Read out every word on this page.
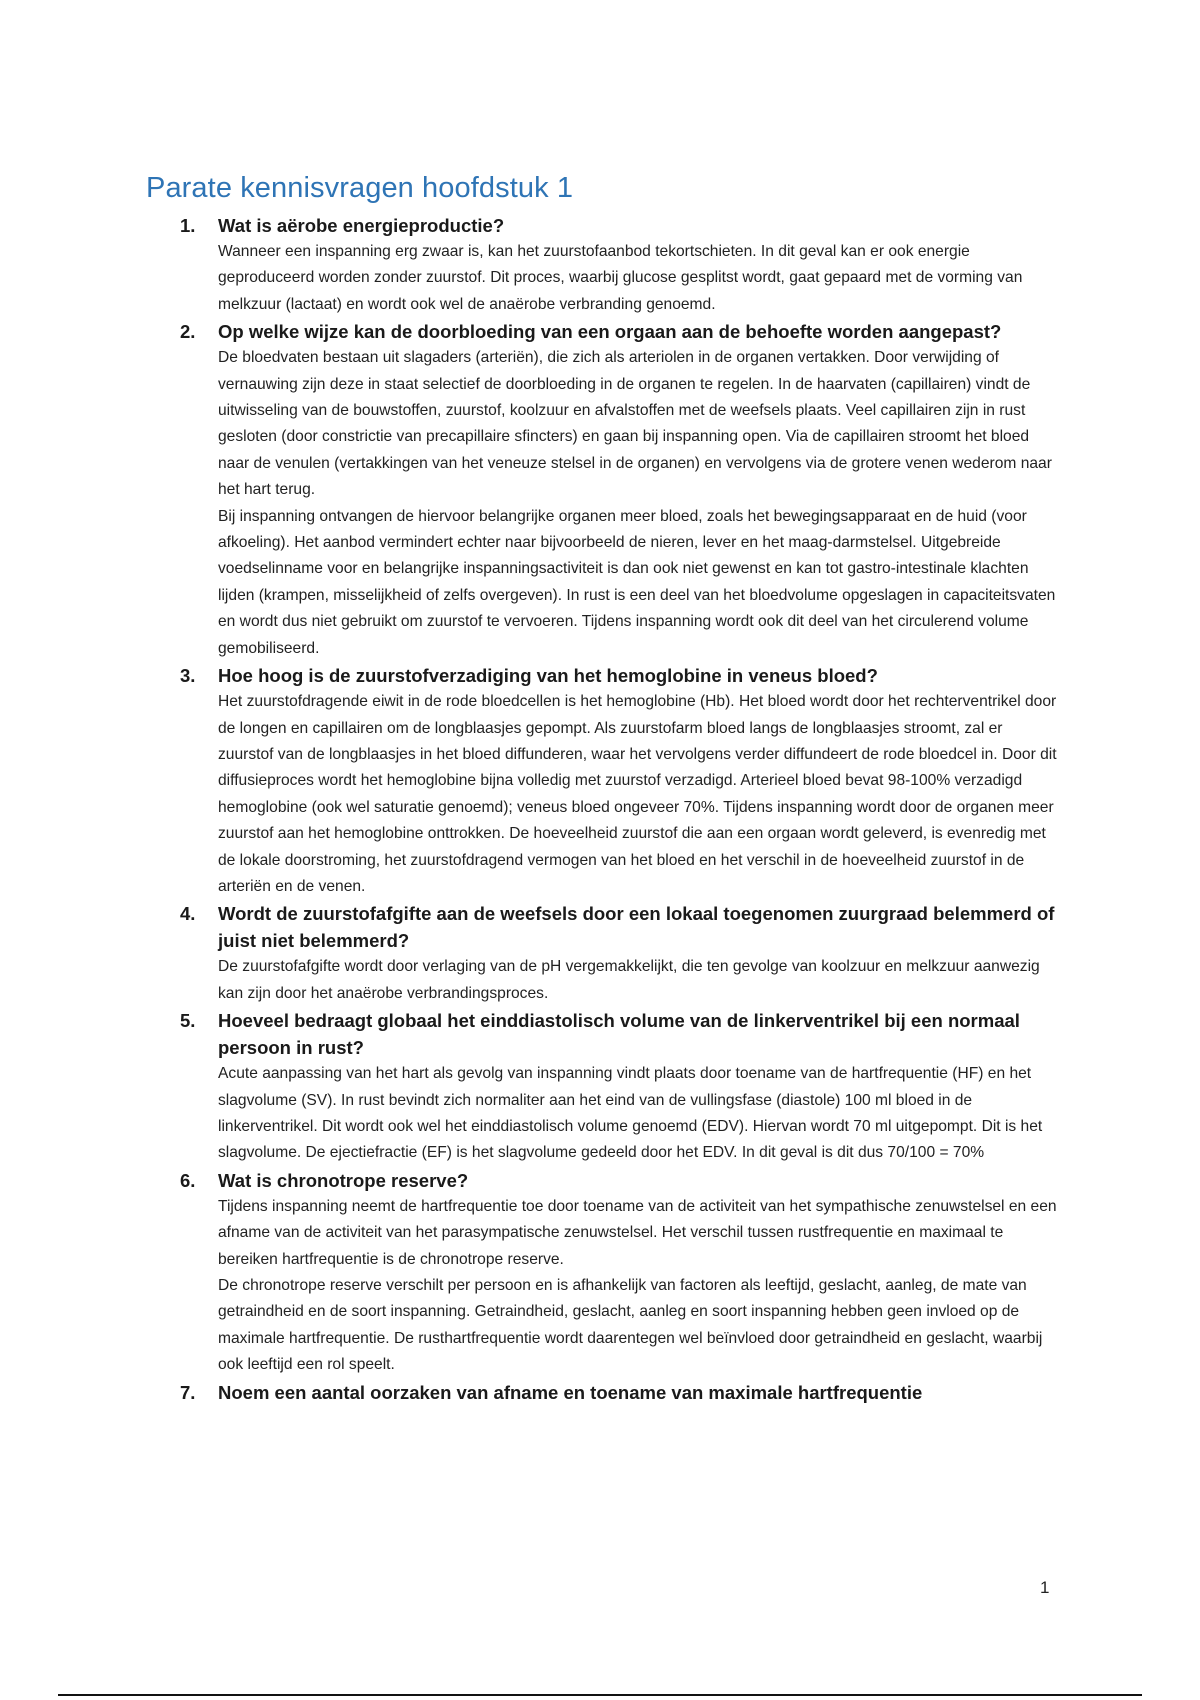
Parate kennisvragen hoofdstuk 1
1. Wat is aërobe energieproductie?

Wanneer een inspanning erg zwaar is, kan het zuurstofaanbod tekortschieten. In dit geval kan er ook energie geproduceerd worden zonder zuurstof. Dit proces, waarbij glucose gesplitst wordt, gaat gepaard met de vorming van melkzuur (lactaat) en wordt ook wel de anaërobe verbranding genoemd.

2. Op welke wijze kan de doorbloeding van een orgaan aan de behoefte worden aangepast?

De bloedvaten bestaan uit slagaders (arteriën), die zich als arteriolen in de organen vertakken. Door verwijding of vernauwing zijn deze in staat selectief de doorbloeding in de organen te regelen. In de haarvaten (capillairen) vindt de uitwisseling van de bouwstoffen, zuurstof, koolzuur en afvalstoffen met de weefsels plaats. Veel capillairen zijn in rust gesloten (door constrictie van precapillaire sfincters) en gaan bij inspanning open. Via de capillairen stroomt het bloed naar de venulen (vertakkingen van het veneuze stelsel in de organen) en vervolgens via de grotere venen wederom naar het hart terug.

Bij inspanning ontvangen de hiervoor belangrijke organen meer bloed, zoals het bewegingsapparaat en de huid (voor afkoeling). Het aanbod vermindert echter naar bijvoorbeeld de nieren, lever en het maag-darmstelsel. Uitgebreide voedselinname voor en belangrijke inspanningsactiviteit is dan ook niet gewenst en kan tot gastro-intestinale klachten lijden (krampen, misselijkheid of zelfs overgeven). In rust is een deel van het bloedvolume opgeslagen in capaciteitsvaten en wordt dus niet gebruikt om zuurstof te vervoeren. Tijdens inspanning wordt ook dit deel van het circulerend volume gemobiliseerd.

3. Hoe hoog is de zuurstofverzadiging van het hemoglobine in veneus bloed?

Het zuurstofdragende eiwit in de rode bloedcellen is het hemoglobine (Hb). Het bloed wordt door het rechterventrikel door de longen en capillairen om de longblaasjes gepompt. Als zuurstofarm bloed langs de longblaasjes stroomt, zal er zuurstof van de longblaasjes in het bloed diffunderen, waar het vervolgens verder diffundeert de rode bloedcel in. Door dit diffusieproces wordt het hemoglobine bijna volledig met zuurstof verzadigd. Arterieel bloed bevat 98-100% verzadigd hemoglobine (ook wel saturatie genoemd); veneus bloed ongeveer 70%. Tijdens inspanning wordt door de organen meer zuurstof aan het hemoglobine onttrokken. De hoeveelheid zuurstof die aan een orgaan wordt geleverd, is evenredig met de lokale doorstroming, het zuurstofdragend vermogen van het bloed en het verschil in de hoeveelheid zuurstof in de arteriën en de venen.

4. Wordt de zuurstofafgifte aan de weefsels door een lokaal toegenomen zuurgraad belemmerd of juist niet belemmerd?

De zuurstofafgifte wordt door verlaging van de pH vergemakkelijkt, die ten gevolge van koolzuur en melkzuur aanwezig kan zijn door het anaërobe verbrandingsproces.

5. Hoeveel bedraagt globaal het einddiastolisch volume van de linkerventrikel bij een normaal persoon in rust?

Acute aanpassing van het hart als gevolg van inspanning vindt plaats door toename van de hartfrequentie (HF) en het slagvolume (SV). In rust bevindt zich normaliter aan het eind van de vullingsfase (diastole) 100 ml bloed in de linkerventrikel. Dit wordt ook wel het einddiastolisch volume genoemd (EDV). Hiervan wordt 70 ml uitgepompt. Dit is het slagvolume. De ejectiefractie (EF) is het slagvolume gedeeld door het EDV. In dit geval is dit dus 70/100 = 70%

6. Wat is chronotrope reserve?

Tijdens inspanning neemt de hartfrequentie toe door toename van de activiteit van het sympathische zenuwstelsel en een afname van de activiteit van het parasympatische zenuwstelsel. Het verschil tussen rustfrequentie en maximaal te bereiken hartfrequentie is de chronotrope reserve.

De chronotrope reserve verschilt per persoon en is afhankelijk van factoren als leeftijd, geslacht, aanleg, de mate van getraindheid en de soort inspanning. Getraindheid, geslacht, aanleg en soort inspanning hebben geen invloed op de maximale hartfrequentie. De rusthartfrequentie wordt daarentegen wel beïnvloed door getraindheid en geslacht, waarbij ook leeftijd een rol speelt.

7. Noem een aantal oorzaken van afname en toename van maximale hartfrequentie

1
